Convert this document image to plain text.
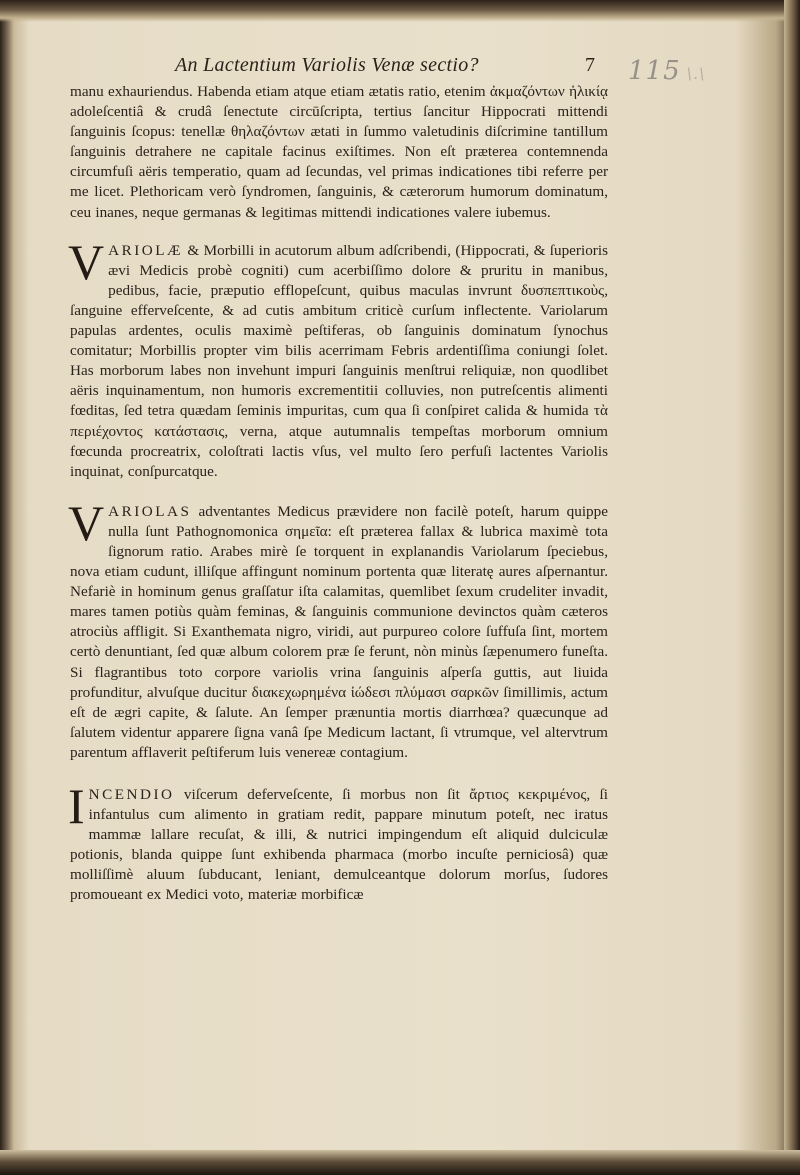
115 \.\
An Lactentium Variolis Venæ sectio?	7

manu exhauriendus. Habenda etiam atque etiam ætatis ratio, etenim ἀκμαζόντων ἡλικίᾳ adoleſcentiâ & crudâ ſenectute circūſcripta, tertius ſancitur Hippocrati mittendi ſanguinis ſcopus: tenellæ θηλαζόντων ætati in ſummo valetudinis diſcrimine tantillum ſanguinis detrahere ne capitale facinus exiſtimes. Non eſt præterea contemnenda circumfuſi aëris temperatio, quam ad ſecundas, vel primas indicationes tibi referre per me licet. Plethoricam verò ſyndromen, ſanguinis, & cæterorum humorum dominatum, ceu inanes, neque germanas & legitimas mittendi indicationes valere iubemus.

VARIOLÆ & Morbilli in acutorum album adſcribendi, (Hippocrati, & ſuperioris ævi Medicis probè cogniti) cum acerbiſſimo dolore & pruritu in manibus, pedibus, facie, præputio efflореſcunt, quibus maculas invrunt δυσπεπτικοὺς, ſanguine efferveſcente, & ad cutis ambitum criticè curſum inflectente. Variolarum papulas ardentes, oculis maximè peſtiferas, ob ſanguinis dominatum ſynochus comitatur; Morbillis propter vim bilis acerrimam Febris ardentiſſima coniungi ſolet. Has morborum labes non invehunt impuri ſanguinis menſtrui reliquiæ, non quodlibet aëris inquinamentum, non humoris excrementitii colluvies, non putreſcentis alimenti fœditas, ſed tetra quædam ſeminis impuritas, cum qua ſi conſpiret calida & humida τὰ περιέχοντος κατάστασις, verna, atque autumnalis tempeſtas morborum omnium fœcunda procreatrix, coloſtrati lactis vſus, vel multo ſero perfuſi lactentes Variolis inquinat, conſpurcatque.

VARIOLAS adventantes Medicus prævidere non facilè poteſt, harum quippe nulla ſunt Pathognomonica σημεῖα: eſt præterea fallax & lubrica maximè tota ſignorum ratio. Arabes mirè ſe torquent in explanandis Variolarum ſpeciebus, nova etiam cudunt, illiſque affingunt nominum portenta quæ literatę aures aſpernantur. Nefariè in hominum genus graſſatur iſta calamitas, quemlibet ſexum crudeliter invadit, mares tamen potiùs quàm feminas, & ſanguinis communione devinctos quàm cæteros atrociùs affligit. Si Exanthemata nigro, viridi, aut purpureo colore ſuffuſa ſint, mortem certò denuntiant, ſed quæ album colorem præ ſe ferunt, nòn minùs ſæpenumero funeſta. Si flagrantibus toto corpore variolis vrina ſanguinis aſperſa guttis, aut liuida profunditur, alvuſque ducitur διακεχωρημένα ἰώδεσι πλύμασι σαρκῶν ſimillimis, actum eſt de ægri capite, & ſalute. An ſemper prænuntia mortis diarrhœa? quæcunque ad ſalutem videntur apparere ſigna vanâ ſpe Medicum lactant, ſi vtrumque, vel altervtrum parentum afflaverit peſtiferum luis venereæ contagium.

INCENDIO viſcerum deferveſcente, ſi morbus non ſit ἄρτιος κεκριμένος, ſi infantulus cum alimento in gratiam redit, pappare minutum poteſt, nec iratus mammæ lallare recuſat, & illi, & nutrici impingendum eſt aliquid dulciculæ potionis, blanda quippe ſunt exhibenda pharmaca (morbo incuſte perniciosâ) quæ molliſſimè aluum ſubducant, leniant, demulceantque dolorum morſus, ſudores promoueant ex Medici voto, materiæ morbificæ
